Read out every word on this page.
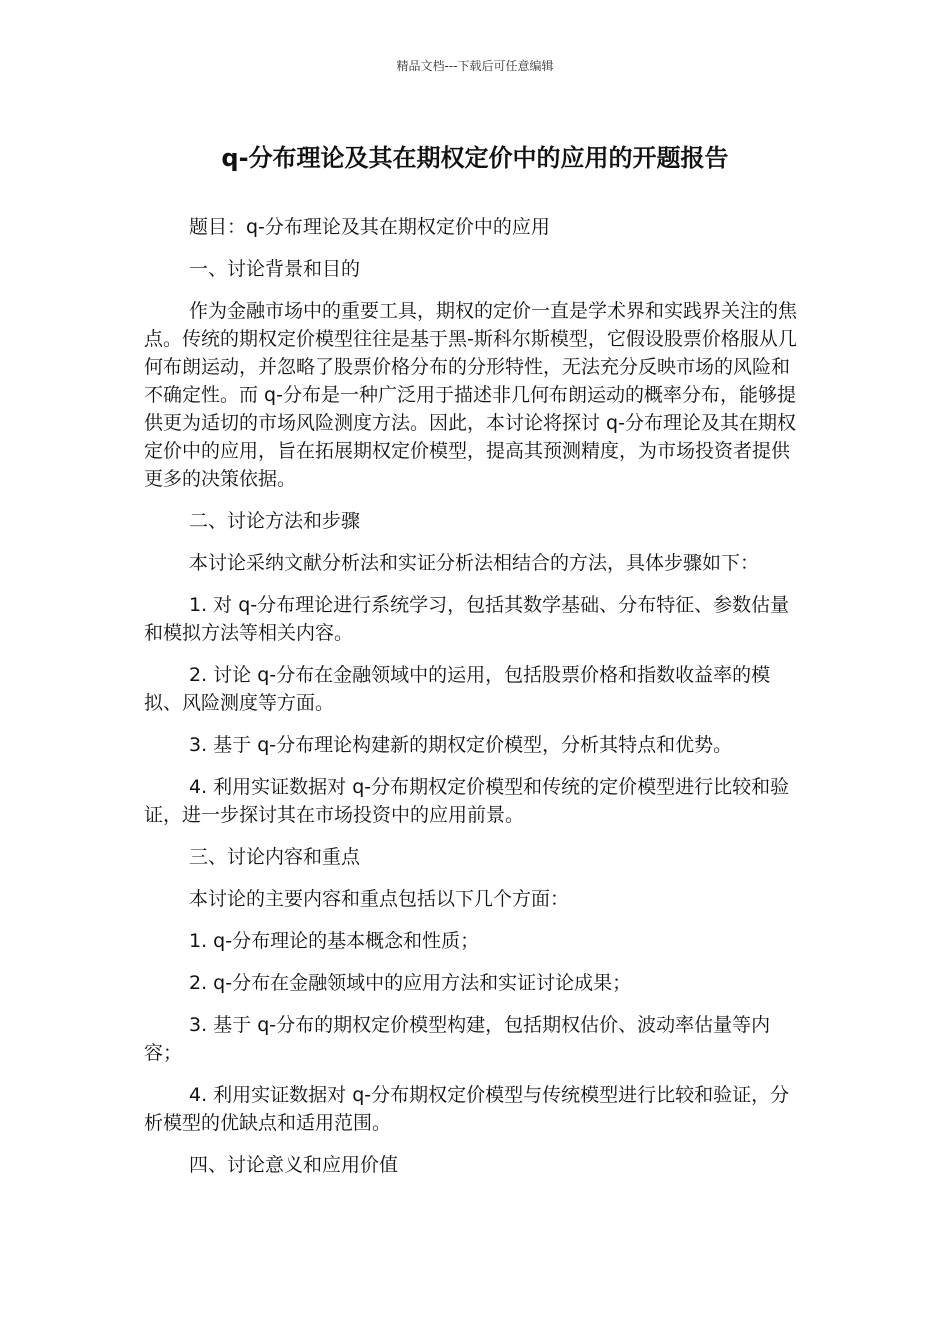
精品文档---下载后可任意编辑
q-分布理论及其在期权定价中的应用的开题报告

题目：q-分布理论及其在期权定价中的应用

一、讨论背景和目的

作为金融市场中的重要工具，期权的定价一直是学术界和实践界关注的焦点。传统的期权定价模型往往是基于黑-斯科尔斯模型，它假设股票价格服从几何布朗运动，并忽略了股票价格分布的分形特性，无法充分反映市场的风险和不确定性。而 q-分布是一种广泛用于描述非几何布朗运动的概率分布，能够提供更为适切的市场风险测度方法。因此，本讨论将探讨 q-分布理论及其在期权定价中的应用，旨在拓展期权定价模型，提高其预测精度，为市场投资者提供更多的决策依据。

二、讨论方法和步骤

本讨论采纳文献分析法和实证分析法相结合的方法，具体步骤如下：

1. 对 q-分布理论进行系统学习，包括其数学基础、分布特征、参数估量和模拟方法等相关内容。

2. 讨论 q-分布在金融领域中的运用，包括股票价格和指数收益率的模拟、风险测度等方面。

3. 基于 q-分布理论构建新的期权定价模型，分析其特点和优势。

4. 利用实证数据对 q-分布期权定价模型和传统的定价模型进行比较和验证，进一步探讨其在市场投资中的应用前景。

三、讨论内容和重点

本讨论的主要内容和重点包括以下几个方面：

1. q-分布理论的基本概念和性质；

2. q-分布在金融领域中的应用方法和实证讨论成果；

3. 基于 q-分布的期权定价模型构建，包括期权估价、波动率估量等内容；

4. 利用实证数据对 q-分布期权定价模型与传统模型进行比较和验证，分析模型的优缺点和适用范围。

四、讨论意义和应用价值
